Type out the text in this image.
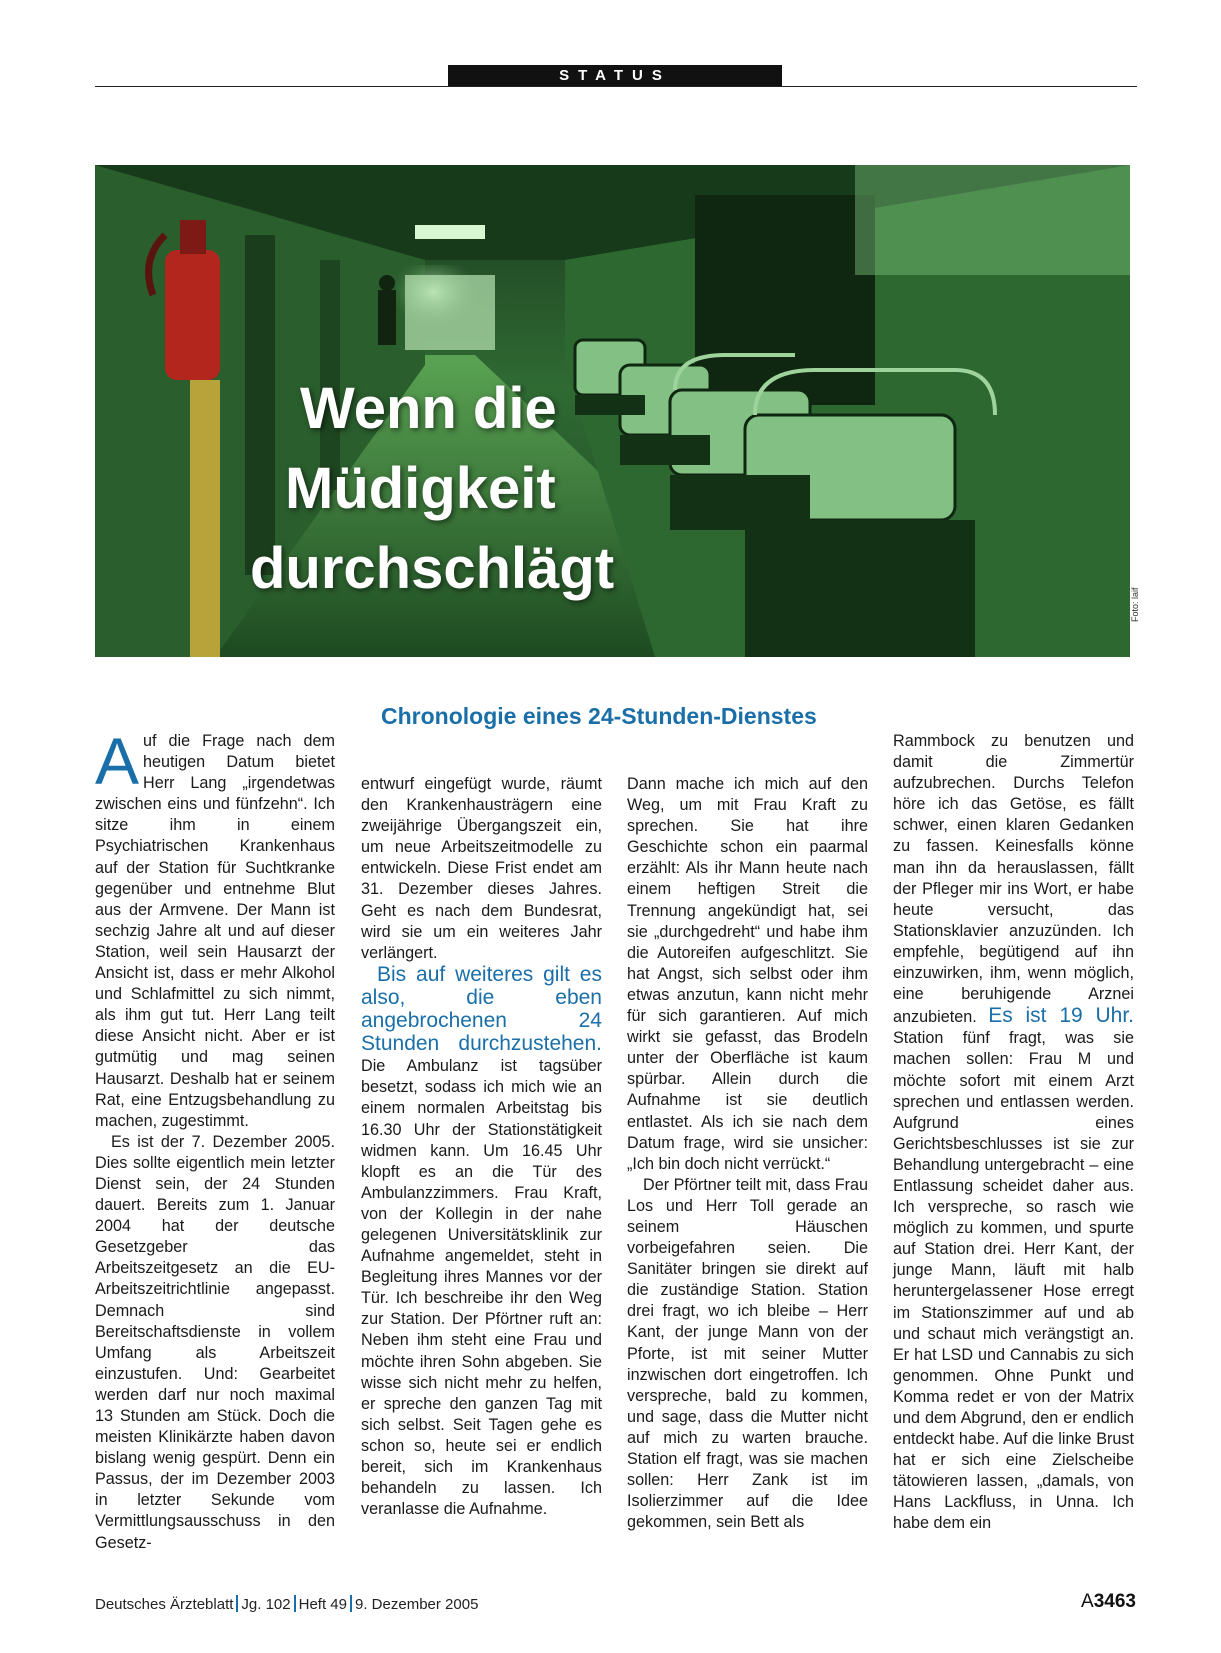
STATUS
Wenn die
Müdigkeit
durchschlägt
Foto: laif
Chronologie eines 24-Stunden-Dienstes

Auf die Frage nach dem heutigen Datum bietet Herr Lang „irgendetwas zwischen eins und fünfzehn“. Ich sitze ihm in einem Psychiatrischen Krankenhaus auf der Station für Suchtkranke gegenüber und entnehme Blut aus der Armvene. Der Mann ist sechzig Jahre alt und auf dieser Station, weil sein Hausarzt der Ansicht ist, dass er mehr Alkohol und Schlafmittel zu sich nimmt, als ihm gut tut. Herr Lang teilt diese Ansicht nicht. Aber er ist gutmütig und mag seinen Hausarzt. Deshalb hat er seinem Rat, eine Entzugsbehandlung zu machen, zugestimmt.

Es ist der 7. Dezember 2005. Dies sollte eigentlich mein letzter Dienst sein, der 24 Stunden dauert. Bereits zum 1. Januar 2004 hat der deutsche Gesetzgeber das Arbeitszeitgesetz an die EU-Arbeitszeitrichtlinie angepasst. Demnach sind Bereitschaftsdienste in vollem Umfang als Arbeitszeit einzustufen. Und: Gearbeitet werden darf nur noch maximal 13 Stunden am Stück. Doch die meisten Klinikärzte haben davon bislang wenig gespürt. Denn ein Passus, der im Dezember 2003 in letzter Sekunde vom Vermittlungsausschuss in den Gesetz-

entwurf eingefügt wurde, räumt den Krankenhausträgern eine zweijährige Übergangszeit ein, um neue Arbeitszeitmodelle zu entwickeln. Diese Frist endet am 31. Dezember dieses Jahres. Geht es nach dem Bundesrat, wird sie um ein weiteres Jahr verlängert.

Bis auf weiteres gilt es also, die eben angebrochenen 24 Stunden durchzustehen. Die Ambulanz ist tagsüber besetzt, sodass ich mich wie an einem normalen Arbeitstag bis 16.30 Uhr der Stationstätigkeit widmen kann. Um 16.45 Uhr klopft es an die Tür des Ambulanzzimmers. Frau Kraft, von der Kollegin in der nahe gelegenen Universitätsklinik zur Aufnahme angemeldet, steht in Begleitung ihres Mannes vor der Tür. Ich beschreibe ihr den Weg zur Station. Der Pförtner ruft an: Neben ihm steht eine Frau und möchte ihren Sohn abgeben. Sie wisse sich nicht mehr zu helfen, er spreche den ganzen Tag mit sich selbst. Seit Tagen gehe es schon so, heute sei er endlich bereit, sich im Krankenhaus behandeln zu lassen. Ich veranlasse die Aufnahme.

Dann mache ich mich auf den Weg, um mit Frau Kraft zu sprechen. Sie hat ihre Geschichte schon ein paarmal erzählt: Als ihr Mann heute nach einem heftigen Streit die Trennung angekündigt hat, sei sie „durchgedreht“ und habe ihm die Autoreifen aufgeschlitzt. Sie hat Angst, sich selbst oder ihm etwas anzutun, kann nicht mehr für sich garantieren. Auf mich wirkt sie gefasst, das Brodeln unter der Oberfläche ist kaum spürbar. Allein durch die Aufnahme ist sie deutlich entlastet. Als ich sie nach dem Datum frage, wird sie unsicher: „Ich bin doch nicht verrückt.“

Der Pförtner teilt mit, dass Frau Los und Herr Toll gerade an seinem Häuschen vorbeigefahren seien. Die Sanitäter bringen sie direkt auf die zuständige Station. Station drei fragt, wo ich bleibe – Herr Kant, der junge Mann von der Pforte, ist mit seiner Mutter inzwischen dort eingetroffen. Ich verspreche, bald zu kommen, und sage, dass die Mutter nicht auf mich zu warten brauche. Station elf fragt, was sie machen sollen: Herr Zank ist im Isolierzimmer auf die Idee gekommen, sein Bett als

Rammbock zu benutzen und damit die Zimmertür aufzubrechen. Durchs Telefon höre ich das Getöse, es fällt schwer, einen klaren Gedanken zu fassen. Keinesfalls könne man ihn da herauslassen, fällt der Pfleger mir ins Wort, er habe heute versucht, das Stationsklavier anzuzünden. Ich empfehle, begütigend auf ihn einzuwirken, ihm, wenn möglich, eine beruhigende Arznei anzubieten. Es ist 19 Uhr. Station fünf fragt, was sie machen sollen: Frau M und möchte sofort mit einem Arzt sprechen und entlassen werden. Aufgrund eines Gerichtsbeschlusses ist sie zur Behandlung untergebracht – eine Entlassung scheidet daher aus. Ich verspreche, so rasch wie möglich zu kommen, und spurte auf Station drei. Herr Kant, der junge Mann, läuft mit halb heruntergelassener Hose erregt im Stationszimmer auf und ab und schaut mich verängstigt an. Er hat LSD und Cannabis zu sich genommen. Ohne Punkt und Komma redet er von der Matrix und dem Abgrund, den er endlich entdeckt habe. Auf die linke Brust hat er sich eine Zielscheibe tätowieren lassen, „damals, von Hans Lackfluss, in Unna. Ich habe dem ein

Deutsches Ärzteblatt Jg. 102 Heft 49 9. Dezember 2005	A3463
